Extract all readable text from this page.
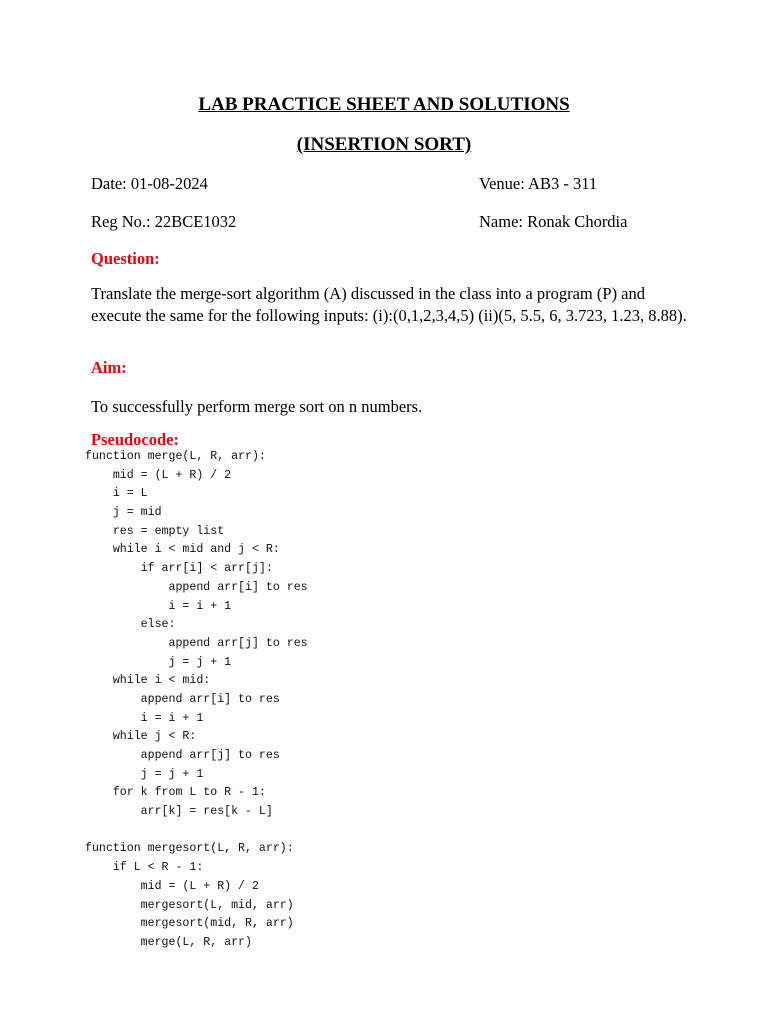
LAB PRACTICE SHEET AND SOLUTIONS
(INSERTION SORT)
Date: 01-08-2024	Venue: AB3 - 311
Reg No.: 22BCE1032	Name: Ronak Chordia
Question:

Translate the merge-sort algorithm (A) discussed in the class into a program (P) and execute the same for the following inputs: (i):(0,1,2,3,4,5) (ii)(5, 5.5, 6, 3.723, 1.23, 8.88).

Aim:

To successfully perform merge sort on n numbers.

Pseudocode:
function merge(L, R, arr):
mid = (L + R) / 2
i = L
j = mid
res = empty list
while i < mid and j < R:
if arr[i] < arr[j]:
append arr[i] to res
i = i + 1
else:
append arr[j] to res
j = j + 1
while i < mid:
append arr[i] to res
i = i + 1
while j < R:
append arr[j] to res
j = j + 1
for k from L to R - 1:
arr[k] = res[k - L]

function mergesort(L, R, arr):
if L < R - 1:
mid = (L + R) / 2
mergesort(L, mid, arr)
mergesort(mid, R, arr)
merge(L, R, arr)
